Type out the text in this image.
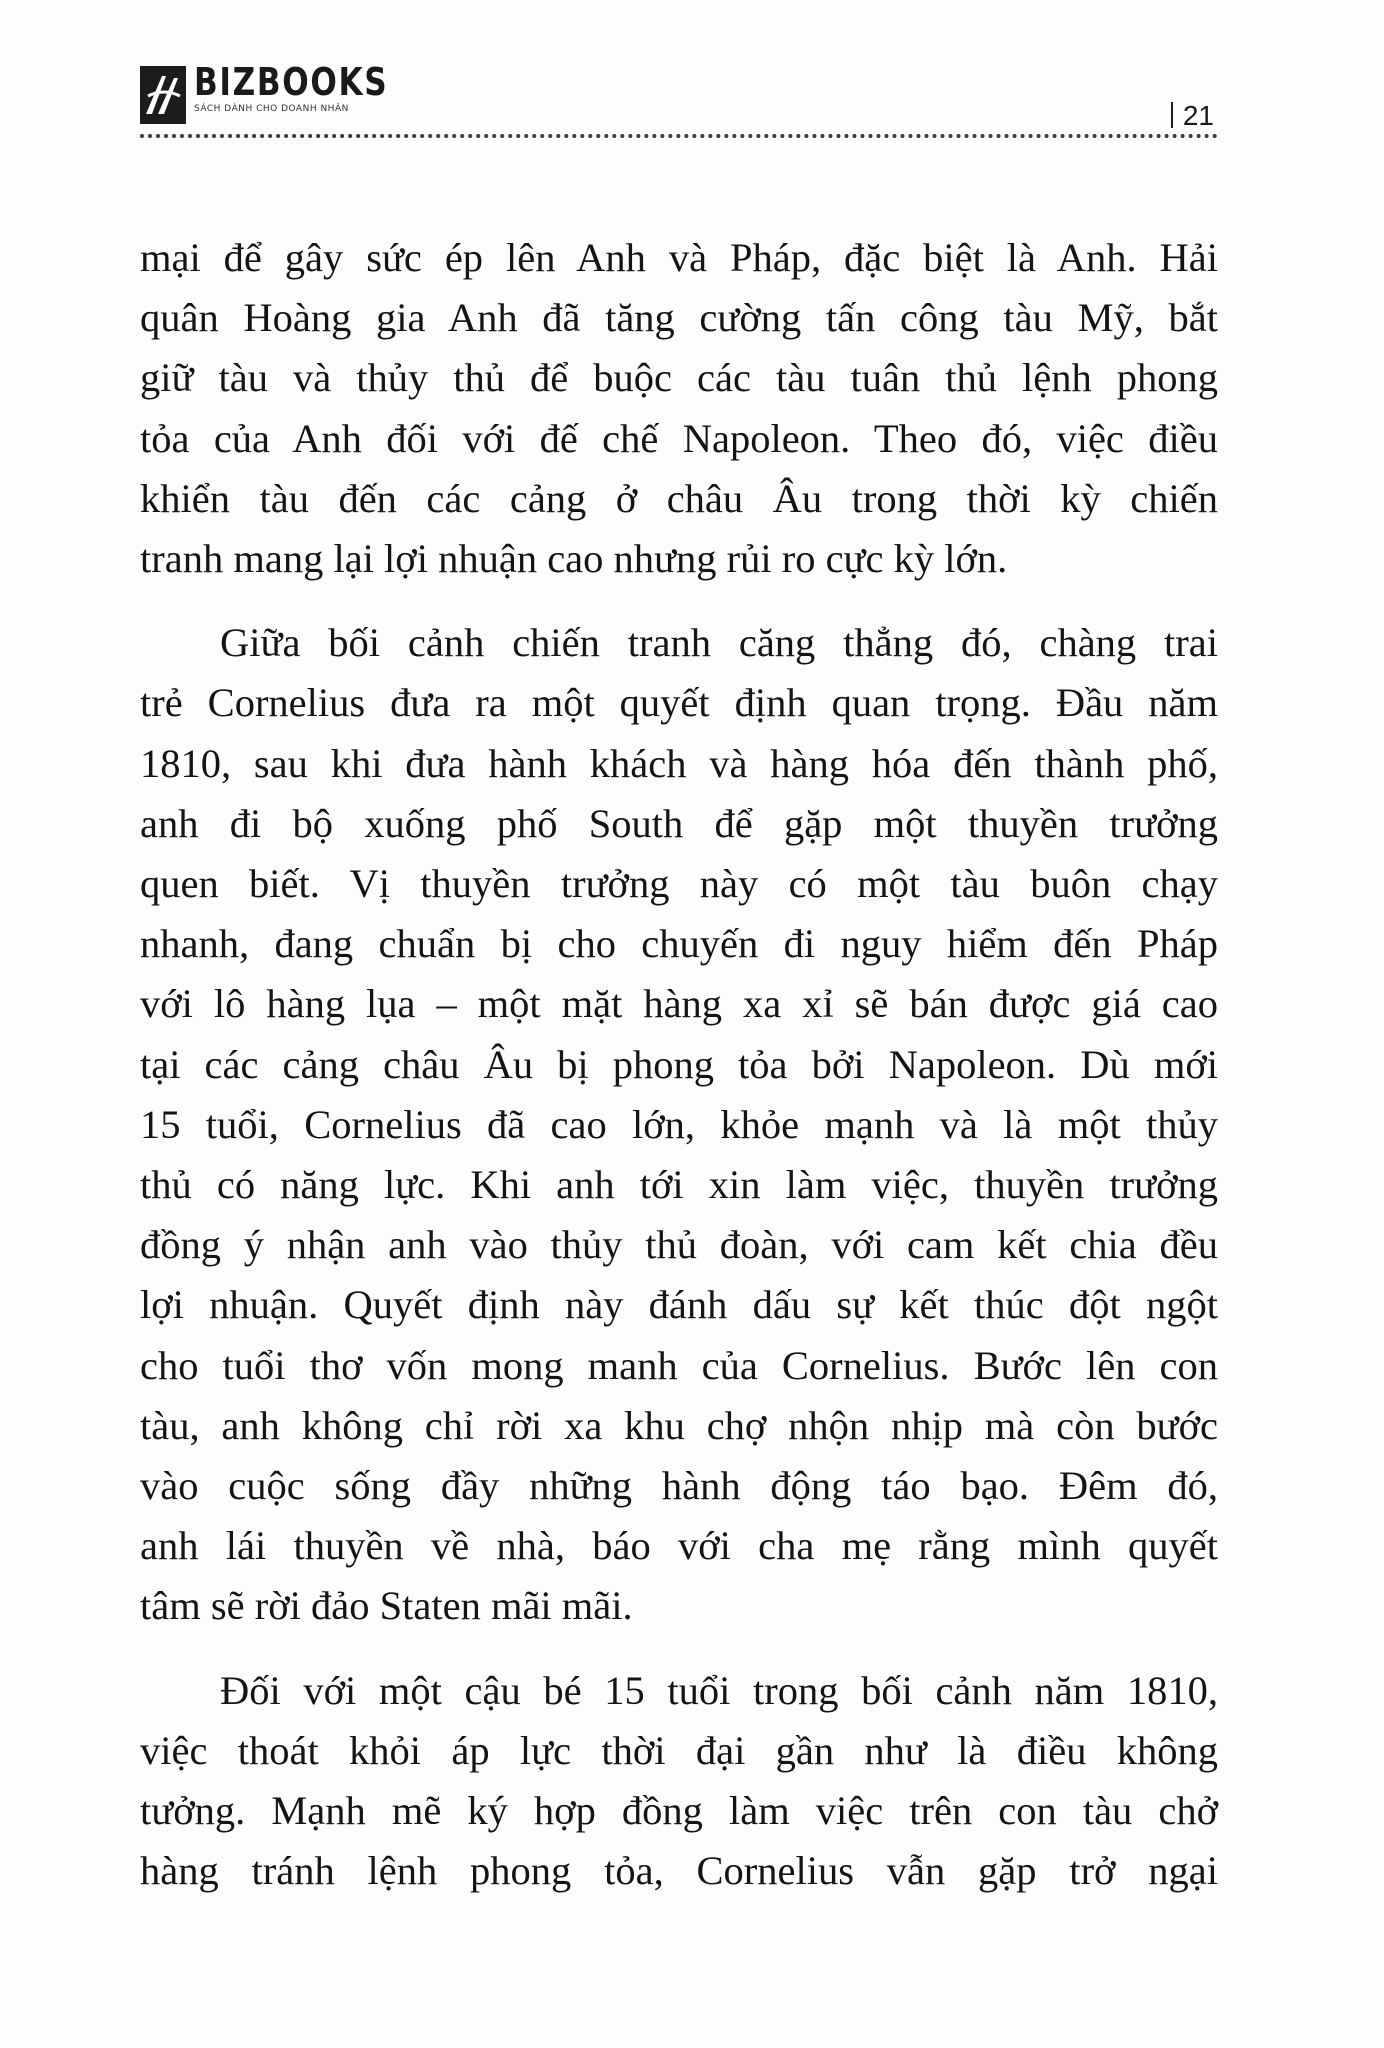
BIZBOOKS
SÁCH DÀNH CHO DOANH NHÂN	21

mại để gây sức ép lên Anh và Pháp, đặc biệt là Anh. Hải
quân Hoàng gia Anh đã tăng cường tấn công tàu Mỹ, bắt
giữ tàu và thủy thủ để buộc các tàu tuân thủ lệnh phong
tỏa của Anh đối với đế chế Napoleon. Theo đó, việc điều
khiển tàu đến các cảng ở châu Âu trong thời kỳ chiến
tranh mang lại lợi nhuận cao nhưng rủi ro cực kỳ lớn.

Giữa bối cảnh chiến tranh căng thẳng đó, chàng trai
trẻ Cornelius đưa ra một quyết định quan trọng. Đầu năm
1810, sau khi đưa hành khách và hàng hóa đến thành phố,
anh đi bộ xuống phố South để gặp một thuyền trưởng
quen biết. Vị thuyền trưởng này có một tàu buôn chạy
nhanh, đang chuẩn bị cho chuyến đi nguy hiểm đến Pháp
với lô hàng lụa – một mặt hàng xa xỉ sẽ bán được giá cao
tại các cảng châu Âu bị phong tỏa bởi Napoleon. Dù mới
15 tuổi, Cornelius đã cao lớn, khỏe mạnh và là một thủy
thủ có năng lực. Khi anh tới xin làm việc, thuyền trưởng
đồng ý nhận anh vào thủy thủ đoàn, với cam kết chia đều
lợi nhuận. Quyết định này đánh dấu sự kết thúc đột ngột
cho tuổi thơ vốn mong manh của Cornelius. Bước lên con
tàu, anh không chỉ rời xa khu chợ nhộn nhịp mà còn bước
vào cuộc sống đầy những hành động táo bạo. Đêm đó,
anh lái thuyền về nhà, báo với cha mẹ rằng mình quyết
tâm sẽ rời đảo Staten mãi mãi.

Đối với một cậu bé 15 tuổi trong bối cảnh năm 1810,
việc thoát khỏi áp lực thời đại gần như là điều không
tưởng. Mạnh mẽ ký hợp đồng làm việc trên con tàu chở
hàng tránh lệnh phong tỏa, Cornelius vẫn gặp trở ngại
